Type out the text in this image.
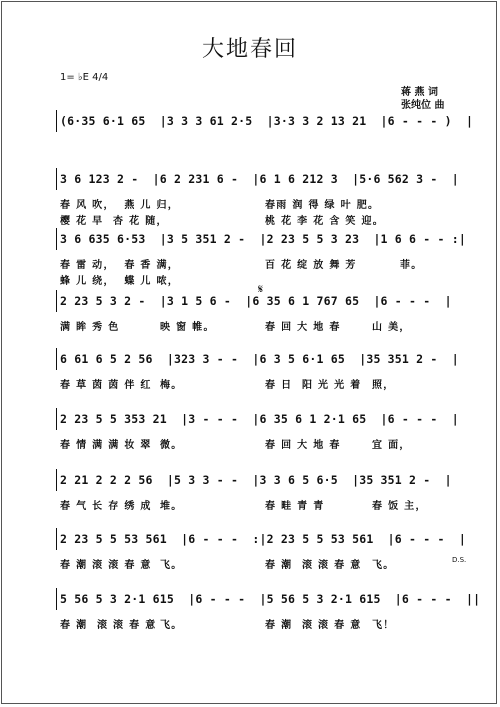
大地春回
1= ♭E 4/4
蒋 燕 词
张纯位 曲
(6·35 6·1 65  |3 3 3 61 2·5  |3·3 3 2 13 21  |6 - - - )  |
3 6 123 2 -  |6 2 231 6 -  |6 1 6 212 3  |5·6 562 3 -  |
春 风 吹，  燕 儿 归，
樱 花 早  杏 花 随，
春雨 润 得 绿 叶 肥。
桃 花 李 花 含 笑 迎。
3 6 635 6·53  |3 5 351 2 -  |2 23 5 5 3 23  |1 6 6 - - :|
春 雷 动，  春 香 满，
蜂 儿 绕，  蝶 儿 哝，
百 花 绽 放 舞 芳	菲。
2 23 5 3 2 -  |3 1 5 6 -  |6 35 6 1 767 65  |6 - - -  |
满 眸 秀 色	映 窗 帷。	春 回 大 地 春	山 美，
6 61 6 5 2 56  |323 3 - -  |6 3 5 6·1 65  |35 351 2 -  |
春 草 茵 茵 伴 红 梅。	春 日  阳 光 光 着 照，
2 23 5 5 353 21  |3 - - -  |6 35 6 1 2·1 65  |6 - - -  |
春 情 满 满 妆 翠 微。	春 回 大 地 春	宜 面，
2 21 2 2 2 56  |5 3 3 - -  |3 3 6 5 6·5  |35 351 2 -  |
春 气 长 存 绣 成 堆。	春 畦 青 青	春 饭 主，
2 23 5 5 53 561  |6 - - -  :|2 23 5 5 53 561  |6 - - -  |
春 潮 滚 滚 春 意 飞。	春 潮  滚 滚 春 意 飞。
5 56 5 3 2·1 615  |6 - - -  |5 56 5 3 2·1 615  |6 - - -  ||
春 潮  滚 滚 春 意 飞。	春 潮  滚 滚 春 意 飞！
𝄋
D.S.
